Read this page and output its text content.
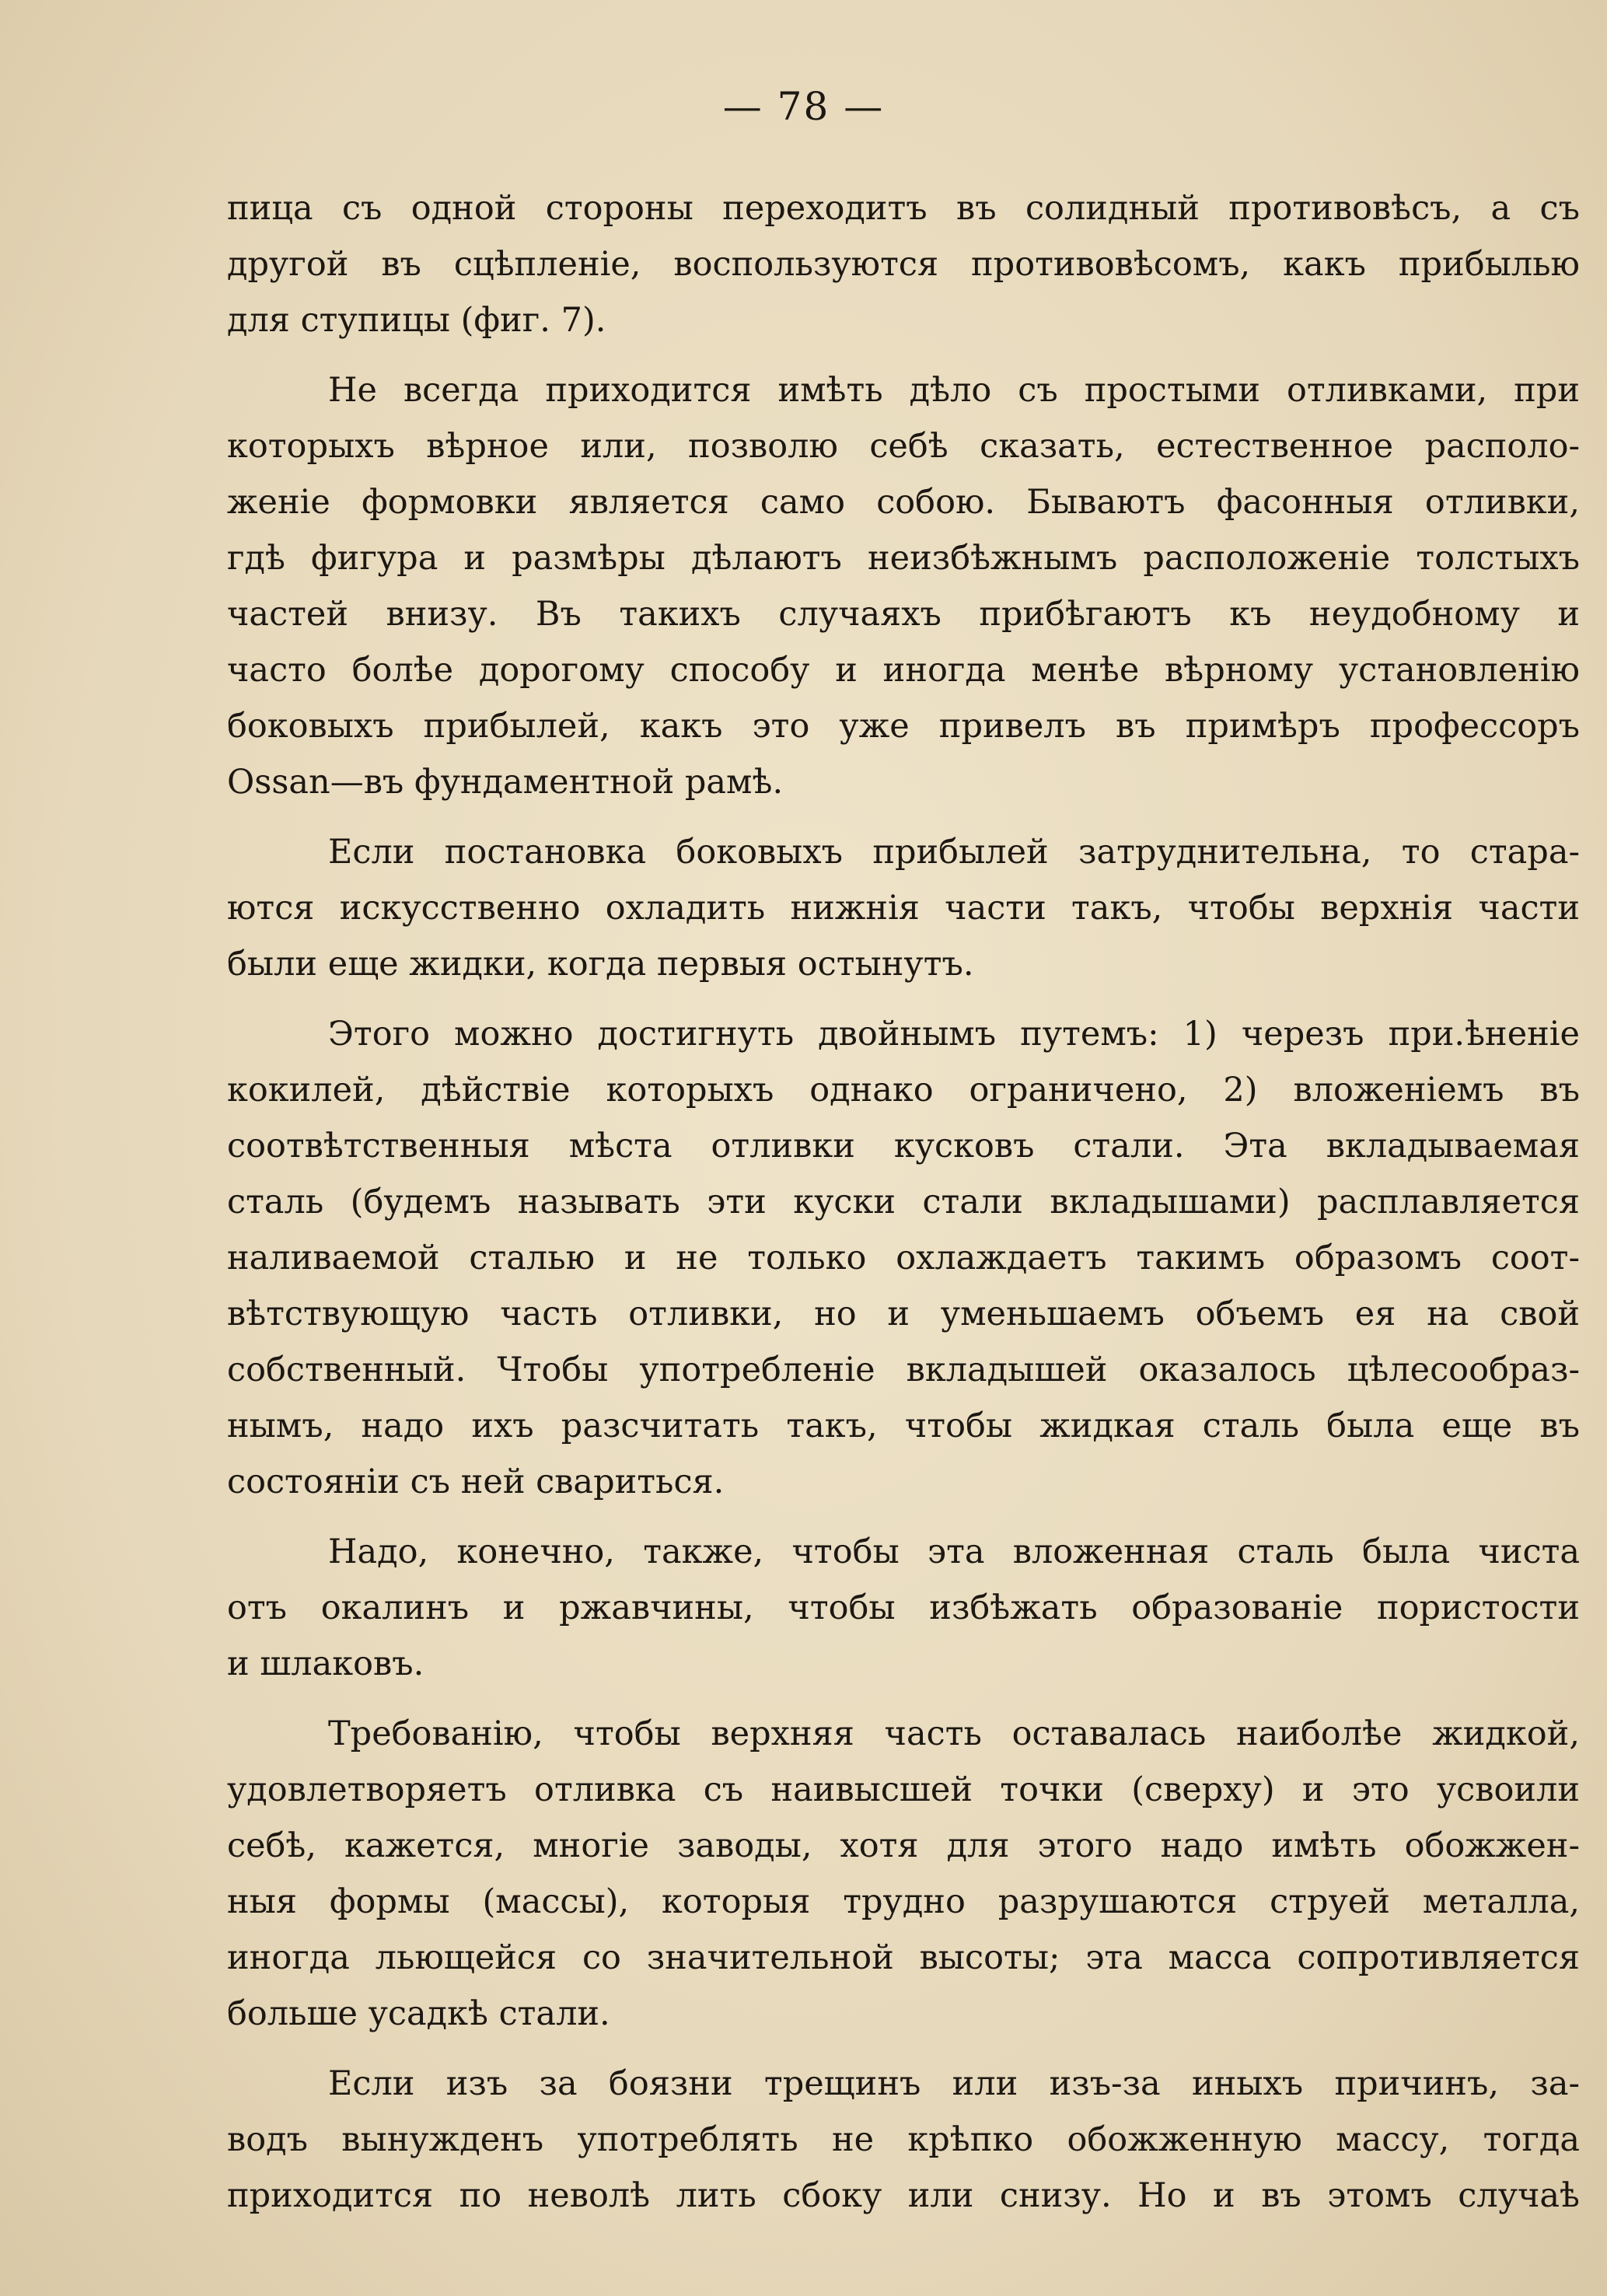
— 78 —
пица съ одной стороны переходитъ въ солидный противовѣсъ, а съ
другой въ сцѣпленіе, воспользуются противовѣсомъ, какъ прибылью
для ступицы (фиг. 7).
Не всегда приходится имѣть дѣло съ простыми отливками, при
которыхъ вѣрное или, позволю себѣ сказать, естественное располо-
женіе формовки является само собою. Бываютъ фасонныя отливки,
гдѣ фигура и размѣры дѣлаютъ неизбѣжнымъ расположеніе толстыхъ
частей внизу. Въ такихъ случаяхъ прибѣгаютъ къ неудобному и
часто болѣе дорогому способу и иногда менѣе вѣрному установленію
боковыхъ прибылей, какъ это уже привелъ въ примѣръ профессоръ
Ossan—въ фундаментной рамѣ.
Если постановка боковыхъ прибылей затруднительна, то стара-
ются искусственно охладить нижнія части такъ, чтобы верхнія части
были еще жидки, когда первыя остынутъ.
Этого можно достигнуть двойнымъ путемъ: 1) черезъ при.ѣненіе
кокилей, дѣйствіе которыхъ однако ограничено, 2) вложеніемъ въ
соотвѣтственныя мѣста отливки кусковъ стали. Эта вкладываемая
сталь (будемъ называть эти куски стали вкладышами) расплавляется
наливаемой сталью и не только охлаждаетъ такимъ образомъ соот-
вѣтствующую часть отливки, но и уменьшаемъ объемъ ея на свой
собственный. Чтобы употребленіе вкладышей оказалось цѣлесообраз-
нымъ, надо ихъ разсчитать такъ, чтобы жидкая сталь была еще въ
состояніи съ ней свариться.
Надо, конечно, также, чтобы эта вложенная сталь была чиста
отъ окалинъ и ржавчины, чтобы избѣжать образованіе пористости
и шлаковъ.
Требованію, чтобы верхняя часть оставалась наиболѣе жидкой,
удовлетворяетъ отливка съ наивысшей точки (сверху) и это усвоили
себѣ, кажется, многіе заводы, хотя для этого надо имѣть обожжен-
ныя формы (массы), которыя трудно разрушаются струей металла,
иногда льющейся со значительной высоты; эта масса сопротивляется
больше усадкѣ стали.
Если изъ за боязни трещинъ или изъ-за иныхъ причинъ, за-
водъ вынужденъ употреблять не крѣпко обожженную массу, тогда
приходится по неволѣ лить сбоку или снизу. Но и въ этомъ случаѣ
